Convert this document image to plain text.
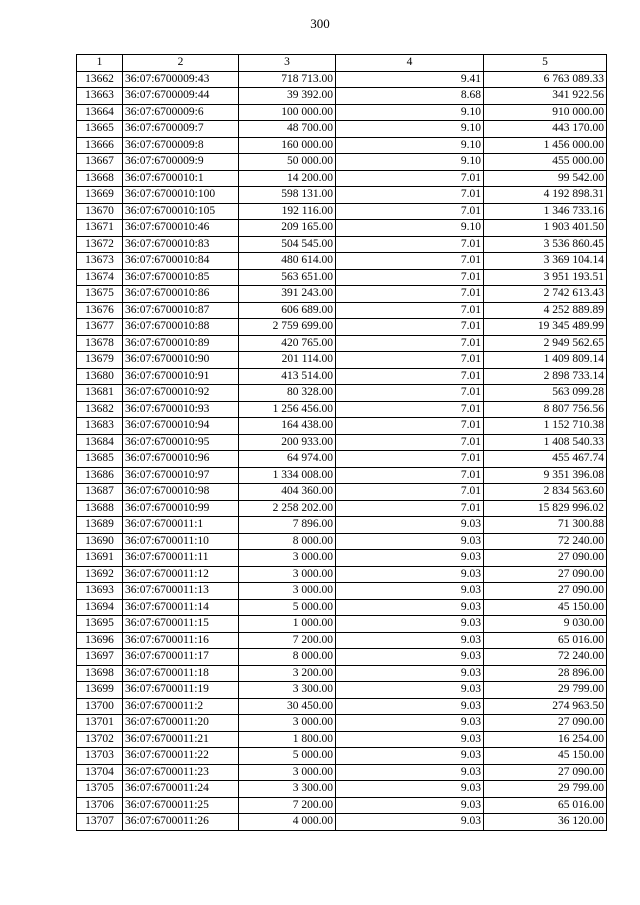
300
1	2	3	4	5
13662	36:07:6700009:43	718 713.00	9.41	6 763 089.33
13663	36:07:6700009:44	39 392.00	8.68	341 922.56
13664	36:07:6700009:6	100 000.00	9.10	910 000.00
13665	36:07:6700009:7	48 700.00	9.10	443 170.00
13666	36:07:6700009:8	160 000.00	9.10	1 456 000.00
13667	36:07:6700009:9	50 000.00	9.10	455 000.00
13668	36:07:6700010:1	14 200.00	7.01	99 542.00
13669	36:07:6700010:100	598 131.00	7.01	4 192 898.31
13670	36:07:6700010:105	192 116.00	7.01	1 346 733.16
13671	36:07:6700010:46	209 165.00	9.10	1 903 401.50
13672	36:07:6700010:83	504 545.00	7.01	3 536 860.45
13673	36:07:6700010:84	480 614.00	7.01	3 369 104.14
13674	36:07:6700010:85	563 651.00	7.01	3 951 193.51
13675	36:07:6700010:86	391 243.00	7.01	2 742 613.43
13676	36:07:6700010:87	606 689.00	7.01	4 252 889.89
13677	36:07:6700010:88	2 759 699.00	7.01	19 345 489.99
13678	36:07:6700010:89	420 765.00	7.01	2 949 562.65
13679	36:07:6700010:90	201 114.00	7.01	1 409 809.14
13680	36:07:6700010:91	413 514.00	7.01	2 898 733.14
13681	36:07:6700010:92	80 328.00	7.01	563 099.28
13682	36:07:6700010:93	1 256 456.00	7.01	8 807 756.56
13683	36:07:6700010:94	164 438.00	7.01	1 152 710.38
13684	36:07:6700010:95	200 933.00	7.01	1 408 540.33
13685	36:07:6700010:96	64 974.00	7.01	455 467.74
13686	36:07:6700010:97	1 334 008.00	7.01	9 351 396.08
13687	36:07:6700010:98	404 360.00	7.01	2 834 563.60
13688	36:07:6700010:99	2 258 202.00	7.01	15 829 996.02
13689	36:07:6700011:1	7 896.00	9.03	71 300.88
13690	36:07:6700011:10	8 000.00	9.03	72 240.00
13691	36:07:6700011:11	3 000.00	9.03	27 090.00
13692	36:07:6700011:12	3 000.00	9.03	27 090.00
13693	36:07:6700011:13	3 000.00	9.03	27 090.00
13694	36:07:6700011:14	5 000.00	9.03	45 150.00
13695	36:07:6700011:15	1 000.00	9.03	9 030.00
13696	36:07:6700011:16	7 200.00	9.03	65 016.00
13697	36:07:6700011:17	8 000.00	9.03	72 240.00
13698	36:07:6700011:18	3 200.00	9.03	28 896.00
13699	36:07:6700011:19	3 300.00	9.03	29 799.00
13700	36:07:6700011:2	30 450.00	9.03	274 963.50
13701	36:07:6700011:20	3 000.00	9.03	27 090.00
13702	36:07:6700011:21	1 800.00	9.03	16 254.00
13703	36:07:6700011:22	5 000.00	9.03	45 150.00
13704	36:07:6700011:23	3 000.00	9.03	27 090.00
13705	36:07:6700011:24	3 300.00	9.03	29 799.00
13706	36:07:6700011:25	7 200.00	9.03	65 016.00
13707	36:07:6700011:26	4 000.00	9.03	36 120.00
